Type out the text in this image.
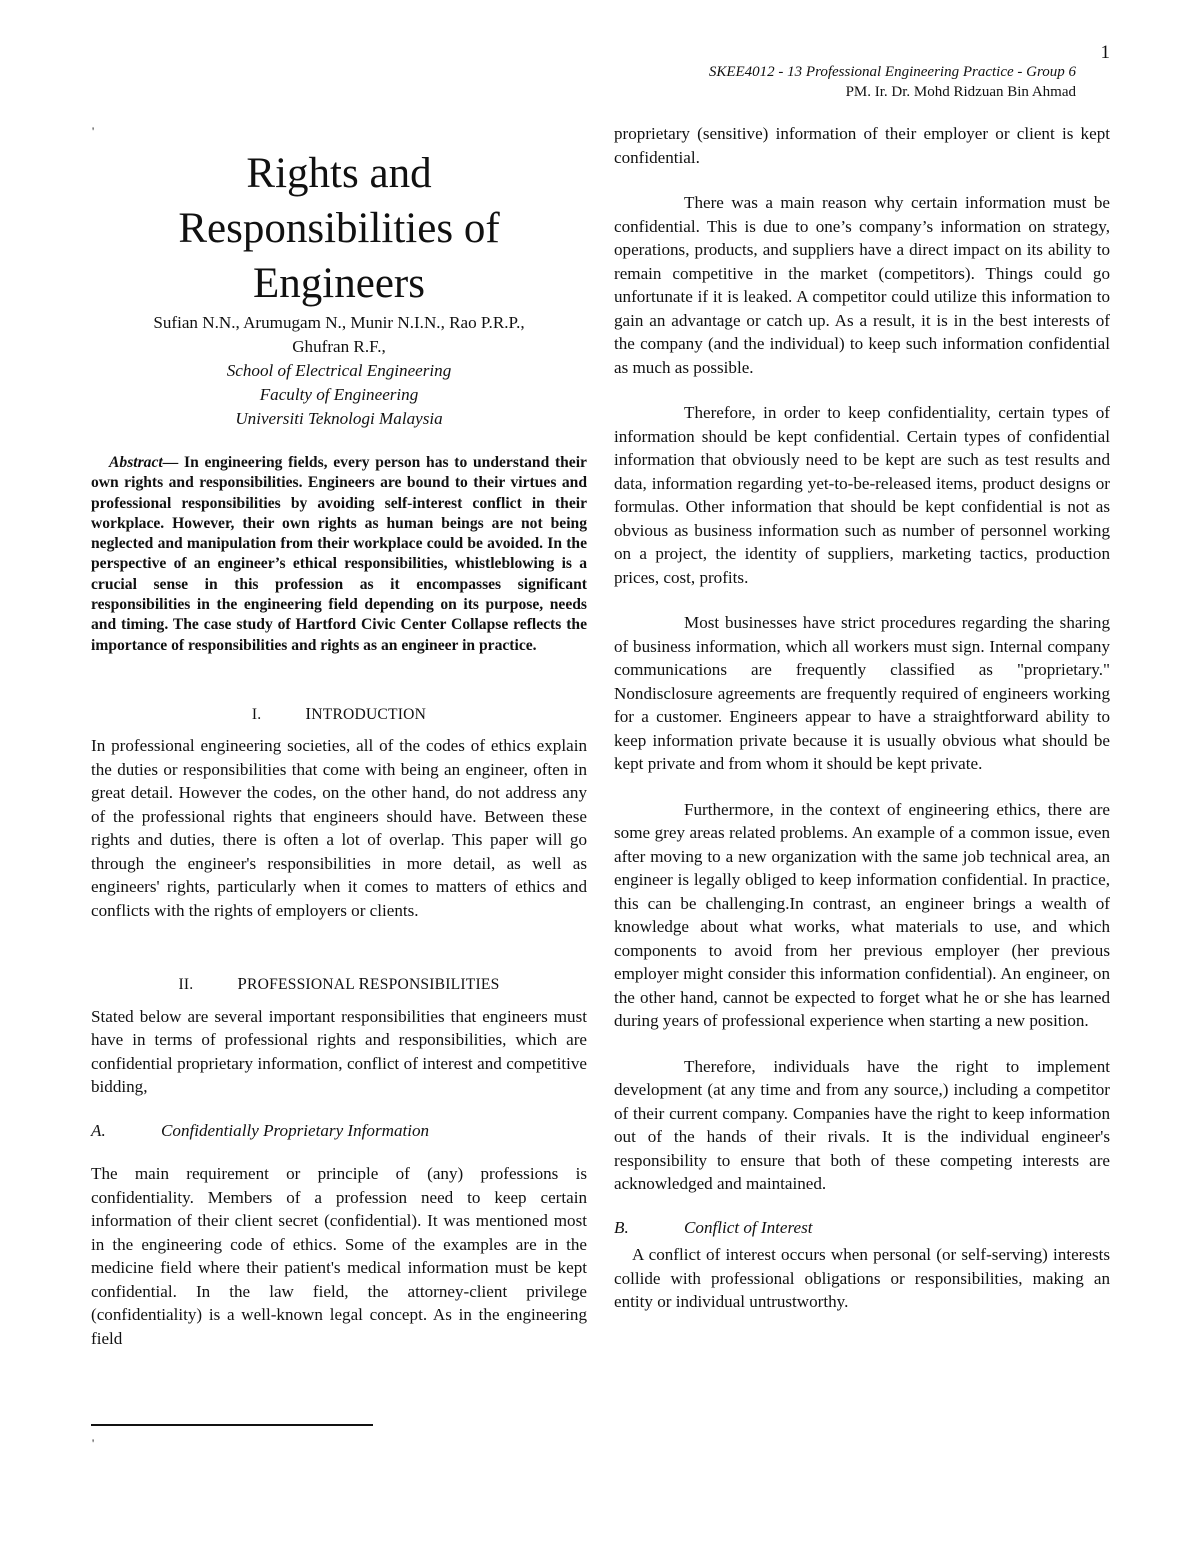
1
SKEE4012 - 13 Professional Engineering Practice - Group 6
PM. Ir. Dr. Mohd Ridzuan Bin Ahmad
'
Rights and
Responsibilities of
Engineers
Sufian N.N., Arumugam N., Munir N.I.N., Rao P.R.P.,
Ghufran R.F.,
School of Electrical Engineering
Faculty of Engineering
Universiti Teknologi Malaysia

Abstract— In engineering fields, every person has to understand their own rights and responsibilities. Engineers are bound to their virtues and professional responsibilities by avoiding self-interest conflict in their workplace. However, their own rights as human beings are not being neglected and manipulation from their workplace could be avoided. In the perspective of an engineer’s ethical responsibilities, whistleblowing is a crucial sense in this profession as it encompasses significant responsibilities in the engineering field depending on its purpose, needs and timing. The case study of Hartford Civic Center Collapse reflects the importance of responsibilities and rights as an engineer in practice.

I.	INTRODUCTION

In professional engineering societies, all of the codes of ethics explain the duties or responsibilities that come with being an engineer, often in great detail. However the codes, on the other hand, do not address any of the professional rights that engineers should have. Between these rights and duties, there is often a lot of overlap. This paper will go through the engineer's responsibilities in more detail, as well as engineers' rights, particularly when it comes to matters of ethics and conflicts with the rights of employers or clients.

II.	PROFESSIONAL RESPONSIBILITIES

Stated below are several important responsibilities that engineers must have in terms of professional rights and responsibilities, which are confidential proprietary information, conflict of interest and competitive bidding,

A.	Confidentially Proprietary Information

The main requirement or principle of (any) professions is confidentiality. Members of a profession need to keep certain information of their client secret (confidential). It was mentioned most in the engineering code of ethics. Some of the examples are in the medicine field where their patient's medical information must be kept confidential. In the law field, the attorney-client privilege (confidentiality) is a well-known legal concept. As in the engineering field

'

proprietary (sensitive) information of their employer or client is kept confidential.

There was a main reason why certain information must be confidential. This is due to one’s company’s information on strategy, operations, products, and suppliers have a direct impact on its ability to remain competitive in the market (competitors). Things could go unfortunate if it is leaked. A competitor could utilize this information to gain an advantage or catch up. As a result, it is in the best interests of the company (and the individual) to keep such information confidential as much as possible.

Therefore, in order to keep confidentiality, certain types of information should be kept confidential. Certain types of confidential information that obviously need to be kept are such as test results and data, information regarding yet-to-be-released items, product designs or formulas. Other information that should be kept confidential is not as obvious as business information such as number of personnel working on a project, the identity of suppliers, marketing tactics, production prices, cost, profits.

Most businesses have strict procedures regarding the sharing of business information, which all workers must sign. Internal company communications are frequently classified as "proprietary." Nondisclosure agreements are frequently required of engineers working for a customer. Engineers appear to have a straightforward ability to keep information private because it is usually obvious what should be kept private and from whom it should be kept private.

Furthermore, in the context of engineering ethics, there are some grey areas related problems. An example of a common issue, even after moving to a new organization with the same job technical area, an engineer is legally obliged to keep information confidential. In practice, this can be challenging.In contrast, an engineer brings a wealth of knowledge about what works, what materials to use, and which components to avoid from her previous employer (her previous employer might consider this information confidential). An engineer, on the other hand, cannot be expected to forget what he or she has learned during years of professional experience when starting a new position.

Therefore, individuals have the right to implement development (at any time and from any source,) including a competitor of their current company. Companies have the right to keep information out of the hands of their rivals. It is the individual engineer's responsibility to ensure that both of these competing interests are acknowledged and maintained.

B.	Conflict of Interest

A conflict of interest occurs when personal (or self-serving) interests collide with professional obligations or responsibilities, making an entity or individual untrustworthy.
